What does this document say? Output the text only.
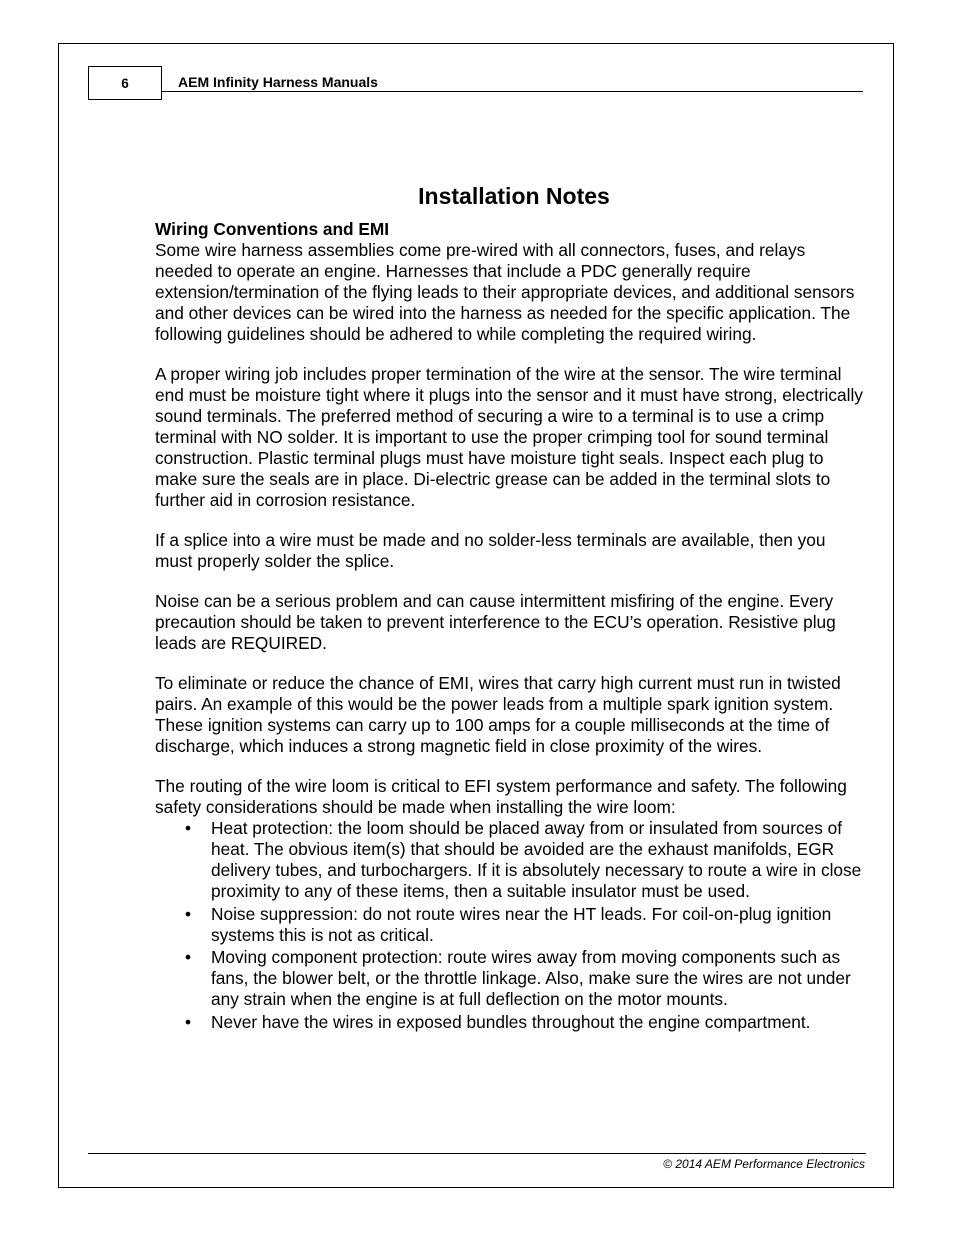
6	AEM Infinity Harness Manuals
Installation Notes
Wiring Conventions and EMI

Some wire harness assemblies come pre-wired with all connectors, fuses, and relays needed to operate an engine. Harnesses that include a PDC generally require extension/termination of the flying leads to their appropriate devices, and additional sensors and other devices can be wired into the harness as needed for the specific application. The following guidelines should be adhered to while completing the required wiring.

A proper wiring job includes proper termination of the wire at the sensor. The wire terminal end must be moisture tight where it plugs into the sensor and it must have strong, electrically sound terminals. The preferred method of securing a wire to a terminal is to use a crimp terminal with NO solder. It is important to use the proper crimping tool for sound terminal construction. Plastic terminal plugs must have moisture tight seals. Inspect each plug to make sure the seals are in place. Di-electric grease can be added in the terminal slots to further aid in corrosion resistance.

If a splice into a wire must be made and no solder-less terminals are available, then you must properly solder the splice.

Noise can be a serious problem and can cause intermittent misfiring of the engine. Every precaution should be taken to prevent interference to the ECU’s operation. Resistive plug leads are REQUIRED.

To eliminate or reduce the chance of EMI, wires that carry high current must run in twisted pairs. An example of this would be the power leads from a multiple spark ignition system. These ignition systems can carry up to 100 amps for a couple milliseconds at the time of discharge, which induces a strong magnetic field in close proximity of the wires.

The routing of the wire loom is critical to EFI system performance and safety. The following safety considerations should be made when installing the wire loom:

• Heat protection: the loom should be placed away from or insulated from sources of heat. The obvious item(s) that should be avoided are the exhaust manifolds, EGR delivery tubes, and turbochargers. If it is absolutely necessary to route a wire in close proximity to any of these items, then a suitable insulator must be used.
• Noise suppression: do not route wires near the HT leads. For coil-on-plug ignition systems this is not as critical.
• Moving component protection: route wires away from moving components such as fans, the blower belt, or the throttle linkage. Also, make sure the wires are not under any strain when the engine is at full deflection on the motor mounts.
• Never have the wires in exposed bundles throughout the engine compartment.
© 2014 AEM Performance Electronics
